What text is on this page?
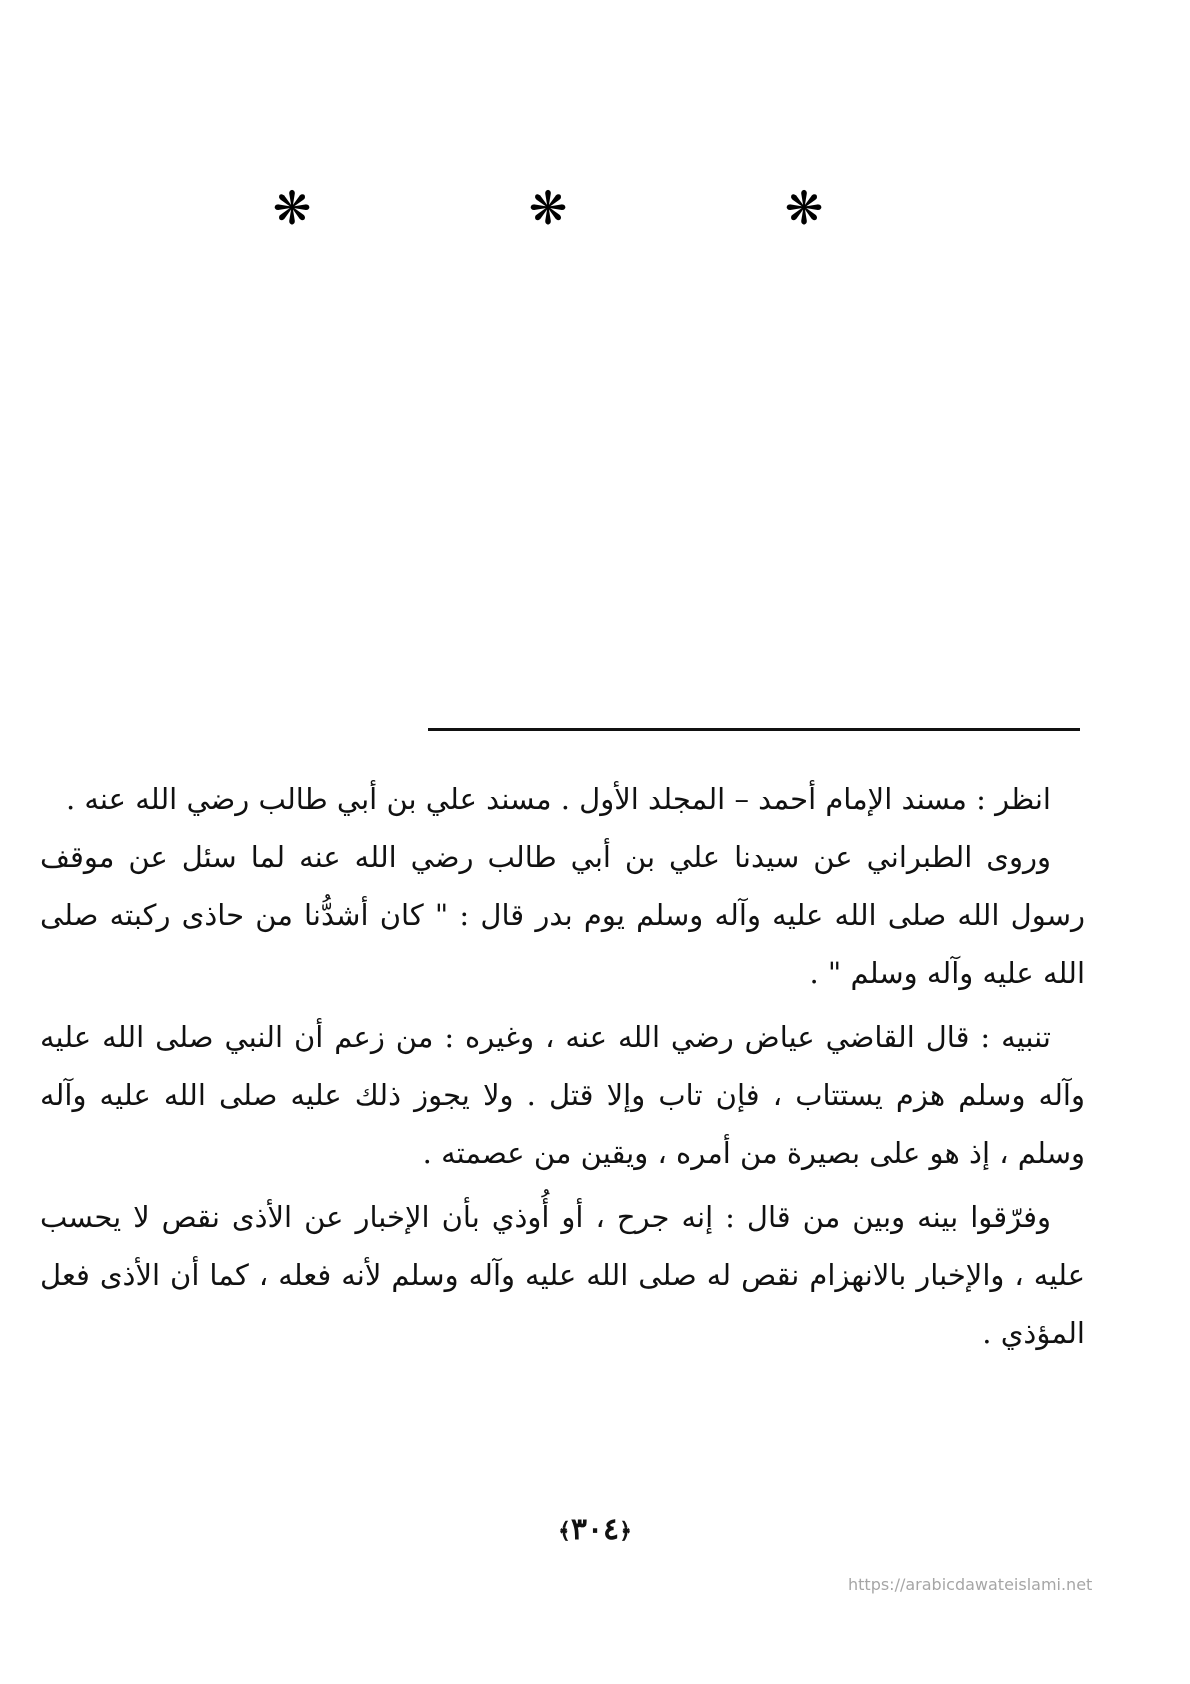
❋	❋	❋

انظر : مسند الإمام أحمد – المجلد الأول . مسند علي بن أبي طالب رضي الله عنه .

وروى الطبراني عن سيدنا علي بن أبي طالب رضي الله عنه لما سئل عن موقف رسول الله صلى الله عليه وآله وسلم يوم بدر قال : " كان أشدُّنا من حاذى ركبته صلى الله عليه وآله وسلم " .

تنبيه : قال القاضي عياض رضي الله عنه ، وغيره : من زعم أن النبي صلى الله عليه وآله وسلم هزم يستتاب ، فإن تاب وإلا قتل . ولا يجوز ذلك عليه صلى الله عليه وآله وسلم ، إذ هو على بصيرة من أمره ، ويقين من عصمته .

وفرّقوا بينه وبين من قال : إنه جرح ، أو أُوذي بأن الإخبار عن الأذى نقص لا يحسب عليه ، والإخبار بالانهزام نقص له صلى الله عليه وآله وسلم لأنه فعله ، كما أن الأذى فعل المؤذي .

﴿٣٠٤﴾
https://arabicdawateislami.net
